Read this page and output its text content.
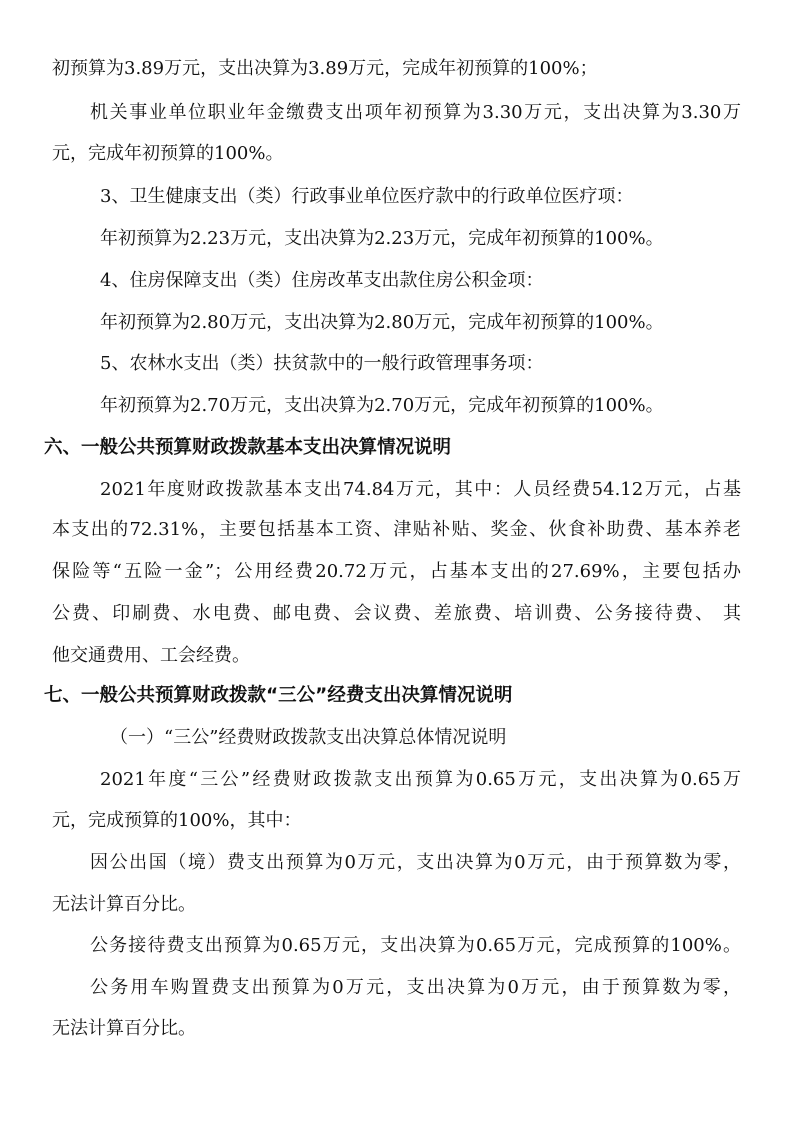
初预算为3.89万元，支出决算为3.89万元，完成年初预算的100%；
机关事业单位职业年金缴费支出项年初预算为3.30万元，支出决算为3.30万
元，完成年初预算的100%。
3、卫生健康支出（类）行政事业单位医疗款中的行政单位医疗项：
年初预算为2.23万元，支出决算为2.23万元，完成年初预算的100%。
4、住房保障支出（类）住房改革支出款住房公积金项：
年初预算为2.80万元，支出决算为2.80万元，完成年初预算的100%。
5、农林水支出（类）扶贫款中的一般行政管理事务项：
年初预算为2.70万元，支出决算为2.70万元，完成年初预算的100%。
六、一般公共预算财政拨款基本支出决算情况说明
2021年度财政拨款基本支出74.84万元，其中：人员经费54.12万元，占基
本支出的72.31%，主要包括基本工资、津贴补贴、奖金、伙食补助费、基本养老
保险等“五险一金”；公用经费20.72万元，占基本支出的27.69%，主要包括办
公费、印刷费、水电费、邮电费、会议费、差旅费、培训费、公务接待费、 其
他交通费用、工会经费。
七、一般公共预算财政拨款“三公”经费支出决算情况说明
（一）“三公”经费财政拨款支出决算总体情况说明
2021年度“三公”经费财政拨款支出预算为0.65万元，支出决算为0.65万
元，完成预算的100%，其中：
因公出国（境）费支出预算为0万元，支出决算为0万元，由于预算数为零，
无法计算百分比。
公务接待费支出预算为0.65万元，支出决算为0.65万元，完成预算的100%。
公务用车购置费支出预算为0万元，支出决算为0万元，由于预算数为零，
无法计算百分比。
